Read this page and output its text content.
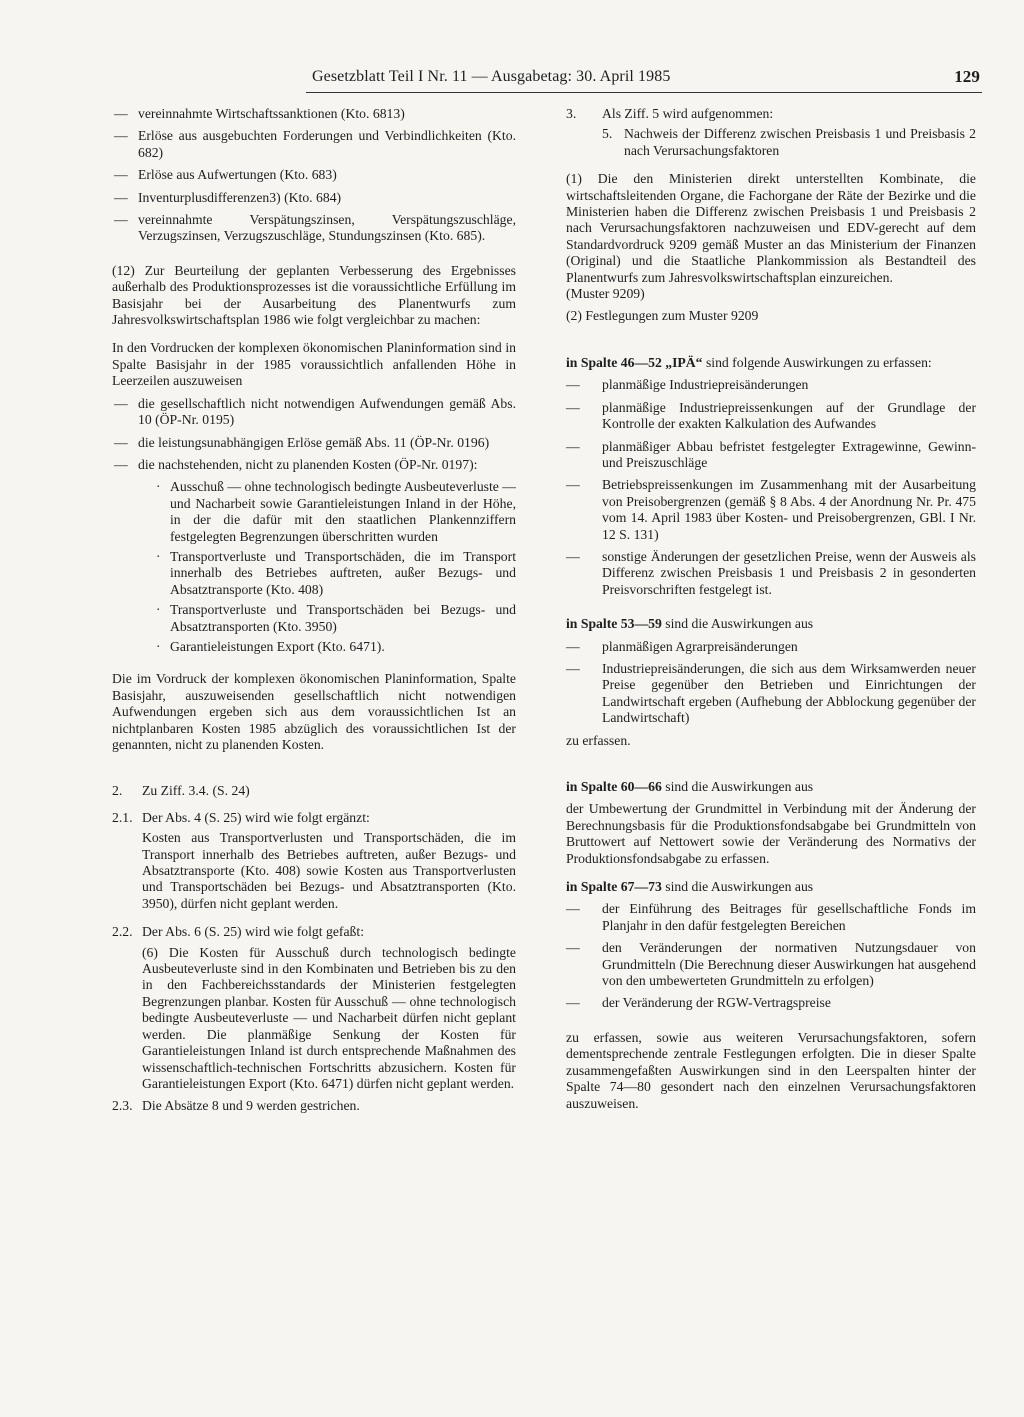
Gesetzblatt Teil I Nr. 11 — Ausgabetag: 30. April 1985	129
— vereinnahmte Wirtschaftssanktionen (Kto. 6813)
— Erlöse aus ausgebuchten Forderungen und Verbindlichkeiten (Kto. 682)
— Erlöse aus Aufwertungen (Kto. 683)
— Inventurplusdifferenzen3) (Kto. 684)
— vereinnahmte Verspätungszinsen, Verspätungszuschläge, Verzugszinsen, Verzugszuschläge, Stundungszinsen (Kto. 685).

(12) Zur Beurteilung der geplanten Verbesserung des Ergebnisses außerhalb des Produktionsprozesses ist die voraussichtliche Erfüllung im Basisjahr bei der Ausarbeitung des Planentwurfs zum Jahresvolkswirtschaftsplan 1986 wie folgt vergleichbar zu machen:

In den Vordrucken der komplexen ökonomischen Planinformation sind in Spalte Basisjahr in der 1985 voraussichtlich anfallenden Höhe in Leerzeilen auszuweisen

— die gesellschaftlich nicht notwendigen Aufwendungen gemäß Abs. 10 (ÖP-Nr. 0195)
— die leistungsunabhängigen Erlöse gemäß Abs. 11 (ÖP-Nr. 0196)
— die nachstehenden, nicht zu planenden Kosten (ÖP-Nr. 0197):
· Ausschuß — ohne technologisch bedingte Ausbeuteverluste — und Nacharbeit sowie Garantieleistungen Inland in der Höhe, in der die dafür mit den staatlichen Plankennziffern festgelegten Begrenzungen überschritten wurden
· Transportverluste und Transportschäden, die im Transport innerhalb des Betriebes auftreten, außer Bezugs- und Absatztransporte (Kto. 408)
· Transportverluste und Transportschäden bei Bezugs- und Absatztransporten (Kto. 3950)
· Garantieleistungen Export (Kto. 6471).

Die im Vordruck der komplexen ökonomischen Planinformation, Spalte Basisjahr, auszuweisenden gesellschaftlich nicht notwendigen Aufwendungen ergeben sich aus dem voraussichtlichen Ist an nichtplanbaren Kosten 1985 abzüglich des voraussichtlichen Ist der genannten, nicht zu planenden Kosten.

2.	Zu Ziff. 3.4. (S. 24)
2.1. Der Abs. 4 (S. 25) wird wie folgt ergänzt:

Kosten aus Transportverlusten und Transportschäden, die im Transport innerhalb des Betriebes auftreten, außer Bezugs- und Absatztransporte (Kto. 408) sowie Kosten aus Transportverlusten und Transportschäden bei Bezugs- und Absatztransporten (Kto. 3950), dürfen nicht geplant werden.

2.2. Der Abs. 6 (S. 25) wird wie folgt gefaßt:

(6) Die Kosten für Ausschuß durch technologisch bedingte Ausbeuteverluste sind in den Kombinaten und Betrieben bis zu den in den Fachbereichsstandards der Ministerien festgelegten Begrenzungen planbar. Kosten für Ausschuß — ohne technologisch bedingte Ausbeuteverluste — und Nacharbeit dürfen nicht geplant werden. Die planmäßige Senkung der Kosten für Garantieleistungen Inland ist durch entsprechende Maßnahmen des wissenschaftlich-technischen Fortschritts abzusichern. Kosten für Garantieleistungen Export (Kto. 6471) dürfen nicht geplant werden.

2.3. Die Absätze 8 und 9 werden gestrichen.
3.	Als Ziff. 5 wird aufgenommen:
5. Nachweis der Differenz zwischen Preisbasis 1 und Preisbasis 2 nach Verursachungsfaktoren

(1) Die den Ministerien direkt unterstellten Kombinate, die wirtschaftsleitenden Organe, die Fachorgane der Räte der Bezirke und die Ministerien haben die Differenz zwischen Preisbasis 1 und Preisbasis 2 nach Verursachungsfaktoren nachzuweisen und EDV-gerecht auf dem Standardvordruck 9209 gemäß Muster an das Ministerium der Finanzen (Original) und die Staatliche Plankommission als Bestandteil des Planentwurfs zum Jahresvolkswirtschaftsplan einzureichen.

(Muster 9209)

(2) Festlegungen zum Muster 9209

in Spalte 46—52 „IPÄ“ sind folgende Auswirkungen zu erfassen:

—	planmäßige Industriepreisänderungen
—	planmäßige Industriepreissenkungen auf der Grundlage der Kontrolle der exakten Kalkulation des Aufwandes
—	planmäßiger Abbau befristet festgelegter Extragewinne, Gewinn- und Preiszuschläge
—	Betriebspreissenkungen im Zusammenhang mit der Ausarbeitung von Preisobergrenzen (gemäß § 8 Abs. 4 der Anordnung Nr. Pr. 475 vom 14. April 1983 über Kosten- und Preisobergrenzen, GBl. I Nr. 12 S. 131)
—	sonstige Änderungen der gesetzlichen Preise, wenn der Ausweis als Differenz zwischen Preisbasis 1 und Preisbasis 2 in gesonderten Preisvorschriften festgelegt ist.

in Spalte 53—59 sind die Auswirkungen aus

—	planmäßigen Agrarpreisänderungen
—	Industriepreisänderungen, die sich aus dem Wirksamwerden neuer Preise gegenüber den Betrieben und Einrichtungen der Landwirtschaft ergeben (Aufhebung der Abblockung gegenüber der Landwirtschaft)

zu erfassen.

in Spalte 60—66 sind die Auswirkungen aus

der Umbewertung der Grundmittel in Verbindung mit der Änderung der Berechnungsbasis für die Produktionsfondsabgabe bei Grundmitteln von Bruttowert auf Nettowert sowie der Veränderung des Normativs der Produktionsfondsabgabe zu erfassen.

in Spalte 67—73 sind die Auswirkungen aus

—	der Einführung des Beitrages für gesellschaftliche Fonds im Planjahr in den dafür festgelegten Bereichen
—	den Veränderungen der normativen Nutzungsdauer von Grundmitteln (Die Berechnung dieser Auswirkungen hat ausgehend von den umbewerteten Grundmitteln zu erfolgen)
—	der Veränderung der RGW-Vertragspreise

zu erfassen, sowie aus weiteren Verursachungsfaktoren, sofern dementsprechende zentrale Festlegungen erfolgten. Die in dieser Spalte zusammengefaßten Auswirkungen sind in den Leerspalten hinter der Spalte 74—80 gesondert nach den einzelnen Verursachungsfaktoren auszuweisen.
